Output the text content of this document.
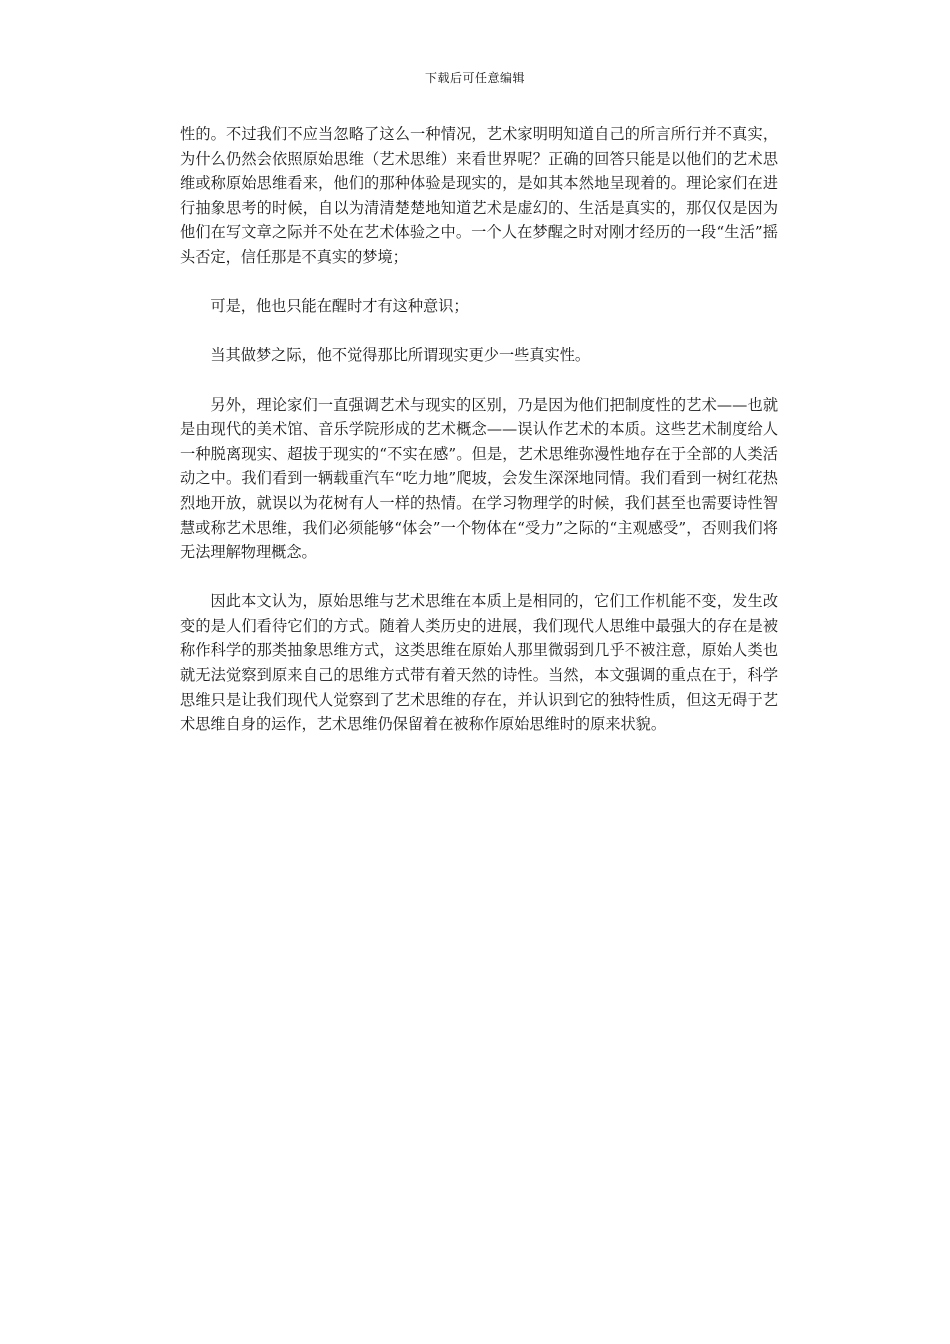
下载后可任意编辑

性的。不过我们不应当忽略了这么一种情况，艺术家明明知道自己的所言所行并不真实，为什么仍然会依照原始思维（艺术思维）来看世界呢？正确的回答只能是以他们的艺术思维或称原始思维看来，他们的那种体验是现实的，是如其本然地呈现着的。理论家们在进行抽象思考的时候，自以为清清楚楚地知道艺术是虚幻的、生活是真实的，那仅仅是因为他们在写文章之际并不处在艺术体验之中。一个人在梦醒之时对刚才经历的一段“生活”摇头否定，信任那是不真实的梦境；

可是，他也只能在醒时才有这种意识；

当其做梦之际，他不觉得那比所谓现实更少一些真实性。

另外，理论家们一直强调艺术与现实的区别，乃是因为他们把制度性的艺术——也就是由现代的美术馆、音乐学院形成的艺术概念——误认作艺术的本质。这些艺术制度给人一种脱离现实、超拔于现实的“不实在感”。但是，艺术思维弥漫性地存在于全部的人类活动之中。我们看到一辆载重汽车“吃力地”爬坡，会发生深深地同情。我们看到一树红花热烈地开放，就误以为花树有人一样的热情。在学习物理学的时候，我们甚至也需要诗性智慧或称艺术思维，我们必须能够“体会”一个物体在“受力”之际的“主观感受”，否则我们将无法理解物理概念。

因此本文认为，原始思维与艺术思维在本质上是相同的，它们工作机能不变，发生改变的是人们看待它们的方式。随着人类历史的进展，我们现代人思维中最强大的存在是被称作科学的那类抽象思维方式，这类思维在原始人那里微弱到几乎不被注意，原始人类也就无法觉察到原来自己的思维方式带有着天然的诗性。当然，本文强调的重点在于，科学思维只是让我们现代人觉察到了艺术思维的存在，并认识到它的独特性质，但这无碍于艺术思维自身的运作，艺术思维仍保留着在被称作原始思维时的原来状貌。
